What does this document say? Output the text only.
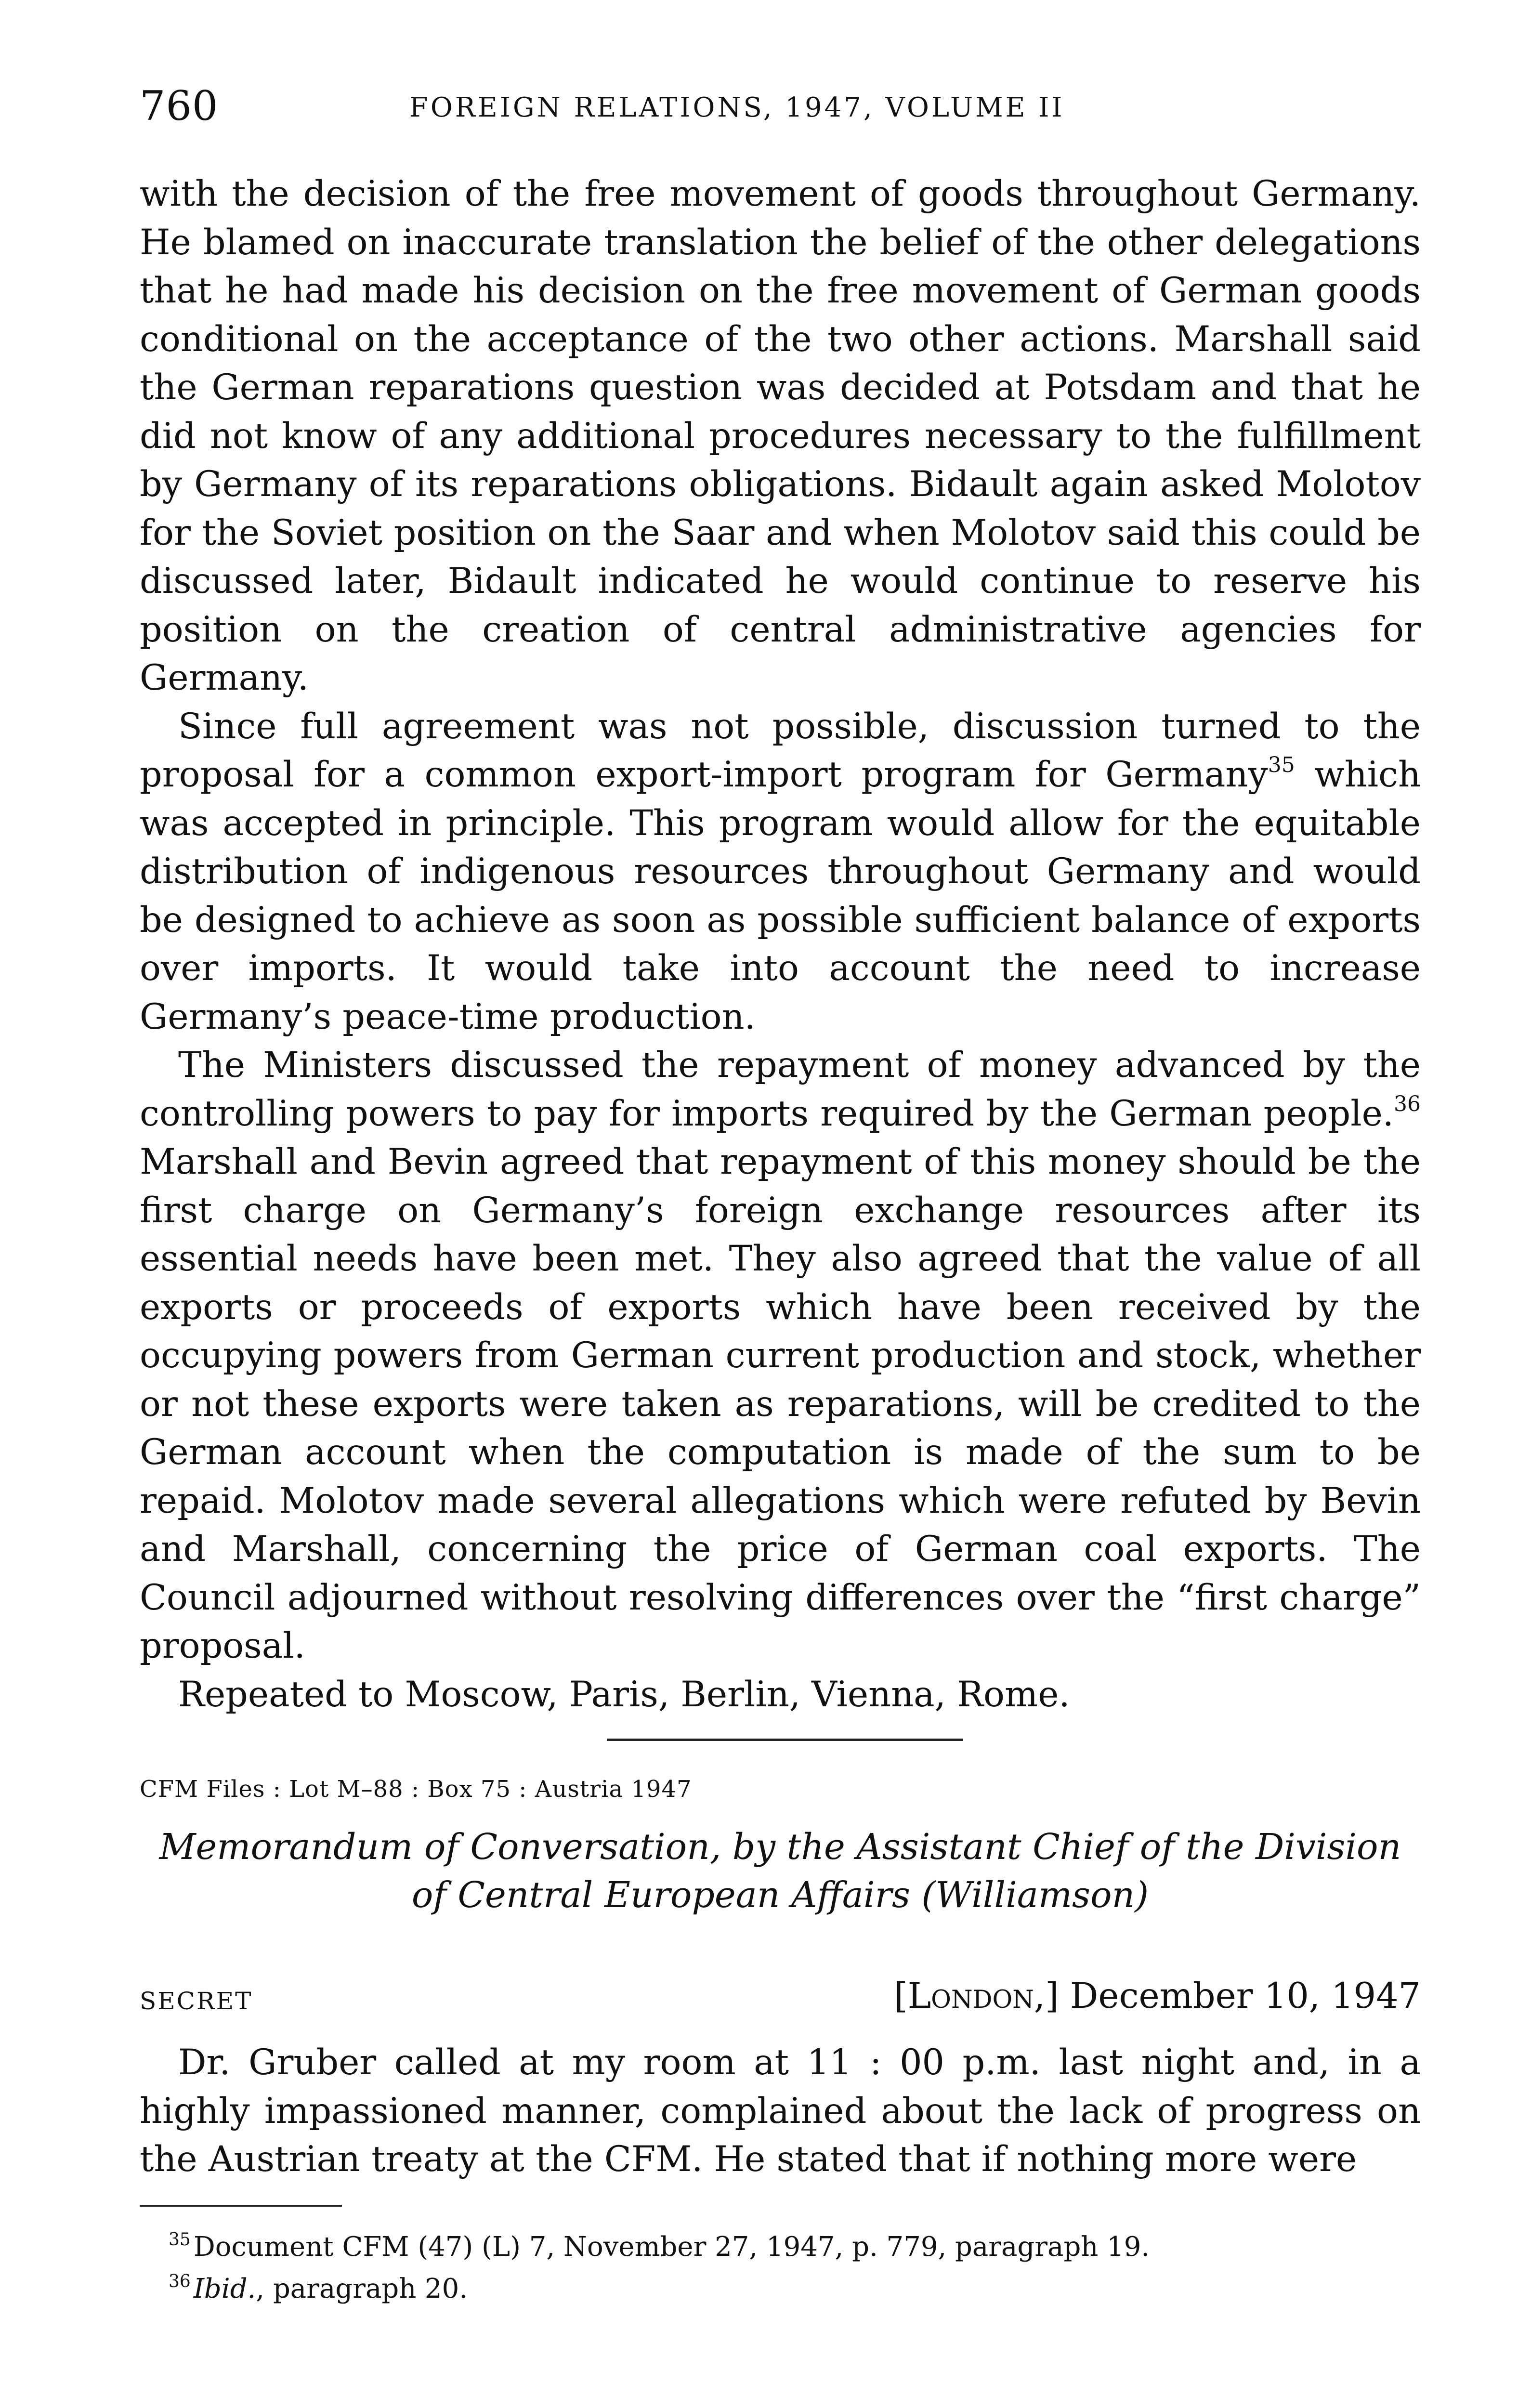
760	FOREIGN RELATIONS, 1947, VOLUME II

with the decision of the free movement of goods throughout Germany. He blamed on inaccurate translation the belief of the other delegations that he had made his decision on the free movement of German goods conditional on the acceptance of the two other actions. Marshall said the German reparations question was decided at Potsdam and that he did not know of any additional procedures necessary to the fulfillment by Germany of its reparations obligations. Bidault again asked Molotov for the Soviet position on the Saar and when Molotov said this could be discussed later, Bidault indicated he would continue to reserve his position on the creation of central administrative agencies for Germany.

Since full agreement was not possible, discussion turned to the proposal for a common export-import program for Germany$^{35}$ which was accepted in principle. This program would allow for the equitable distribution of indigenous resources throughout Germany and would be designed to achieve as soon as possible sufficient balance of exports over imports. It would take into account the need to increase Germany’s peace-time production.

The Ministers discussed the repayment of money advanced by the controlling powers to pay for imports required by the German people.$^{36}$ Marshall and Bevin agreed that repayment of this money should be the first charge on Germany’s foreign exchange resources after its essential needs have been met. They also agreed that the value of all exports or proceeds of exports which have been received by the occupying powers from German current production and stock, whether or not these exports were taken as reparations, will be credited to the German account when the computation is made of the sum to be repaid. Molotov made several allegations which were refuted by Bevin and Marshall, concerning the price of German coal exports. The Council adjourned without resolving differences over the “first charge” proposal.

Repeated to Moscow, Paris, Berlin, Vienna, Rome.

CFM Files : Lot M–88 : Box 75 : Austria 1947
Memorandum of Conversation, by the Assistant Chief of the Division
of Central European Affairs (Williamson)
SECRET	[London,] December 10, 1947

Dr. Gruber called at my room at 11 : 00 p.m. last night and, in a highly impassioned manner, complained about the lack of progress on the Austrian treaty at the CFM. He stated that if nothing more were

$^{35}$ Document CFM (47) (L) 7, November 27, 1947, p. 779, paragraph 19.
$^{36}$ Ibid., paragraph 20.
